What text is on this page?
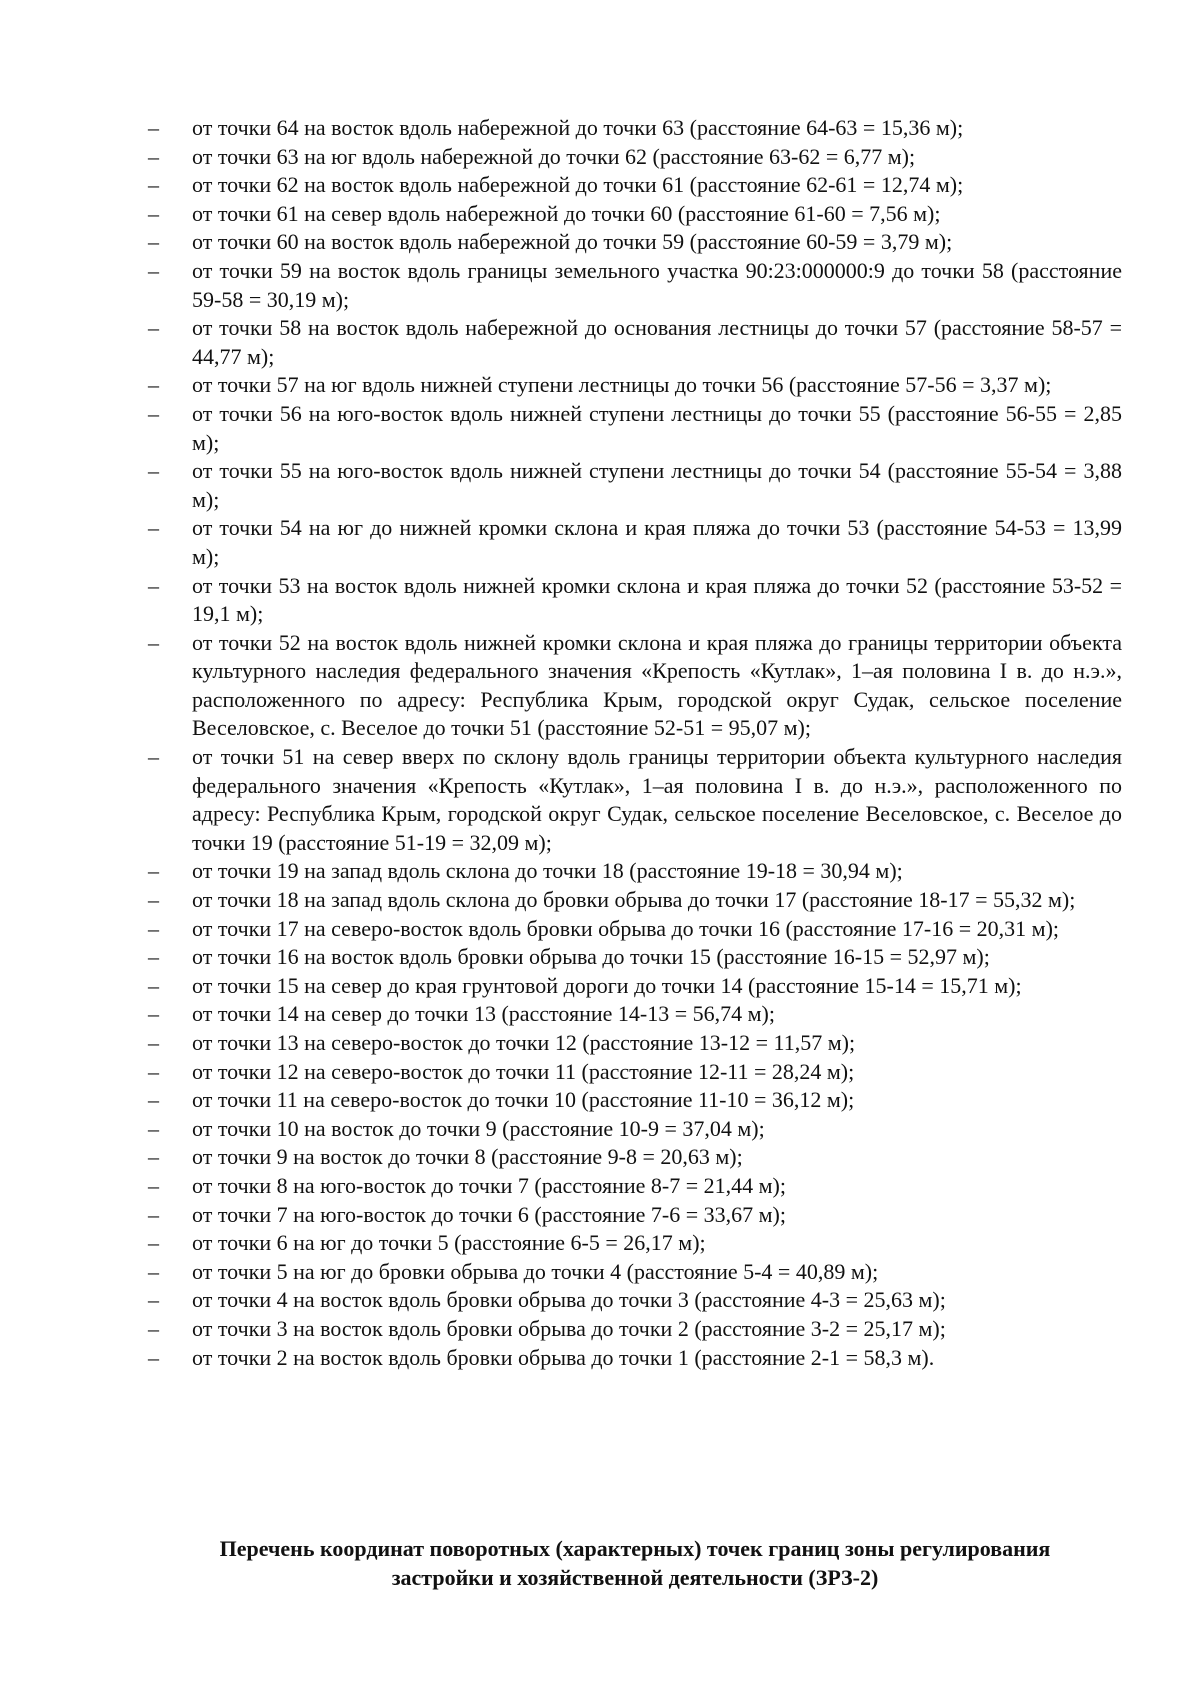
–	от точки 64 на восток вдоль набережной до точки 63 (расстояние 64-63 = 15,36 м);
–	от точки 63 на юг вдоль набережной до точки 62 (расстояние 63-62 = 6,77 м);
–	от точки 62 на восток вдоль набережной до точки 61 (расстояние 62-61 = 12,74 м);
–	от точки 61 на север вдоль набережной до точки 60 (расстояние 61-60 = 7,56 м);
–	от точки 60 на восток вдоль набережной до точки 59 (расстояние 60-59 = 3,79 м);
–	от точки 59 на восток вдоль границы земельного участка 90:23:000000:9 до точки 58 (расстояние 59-58 = 30,19 м);
–	от точки 58 на восток вдоль набережной до основания лестницы до точки 57 (расстояние 58-57 = 44,77 м);
–	от точки 57 на юг вдоль нижней ступени лестницы до точки 56 (расстояние 57-56 = 3,37 м);
–	от точки 56 на юго-восток вдоль нижней ступени лестницы до точки 55 (расстояние 56-55 = 2,85 м);
–	от точки 55 на юго-восток вдоль нижней ступени лестницы до точки 54 (расстояние 55-54 = 3,88 м);
–	от точки 54 на юг до нижней кромки склона и края пляжа до точки 53 (расстояние 54-53 = 13,99 м);
–	от точки 53 на восток вдоль нижней кромки склона и края пляжа до точки 52 (расстояние 53-52 = 19,1 м);
–	от точки 52 на восток вдоль нижней кромки склона и края пляжа до границы территории объекта культурного наследия федерального значения «Крепость «Кутлак», 1–ая половина I в. до н.э.», расположенного по адресу: Республика Крым, городской округ Судак, сельское поселение Веселовское, с. Веселое до точки 51 (расстояние 52-51 = 95,07 м);
–	от точки 51 на север вверх по склону вдоль границы территории объекта культурного наследия федерального значения «Крепость «Кутлак», 1–ая половина I в. до н.э.», расположенного по адресу: Республика Крым, городской округ Судак, сельское поселение Веселовское, с. Веселое до точки 19 (расстояние 51-19 = 32,09 м);
–	от точки 19 на запад вдоль склона до точки 18 (расстояние 19-18 = 30,94 м);
–	от точки 18 на запад вдоль склона до бровки обрыва до точки 17 (расстояние 18-17 = 55,32 м);
–	от точки 17 на северо-восток вдоль бровки обрыва до точки 16 (расстояние 17-16 = 20,31 м);
–	от точки 16 на восток вдоль бровки обрыва до точки 15 (расстояние 16-15 = 52,97 м);
–	от точки 15 на север до края грунтовой дороги до точки 14 (расстояние 15-14 = 15,71 м);
–	от точки 14 на север до точки 13 (расстояние 14-13 = 56,74 м);
–	от точки 13 на северо-восток до точки 12 (расстояние 13-12 = 11,57 м);
–	от точки 12 на северо-восток до точки 11 (расстояние 12-11 = 28,24 м);
–	от точки 11 на северо-восток до точки 10 (расстояние 11-10 = 36,12 м);
–	от точки 10 на восток до точки 9 (расстояние 10-9 = 37,04 м);
–	от точки 9 на восток до точки 8 (расстояние 9-8 = 20,63 м);
–	от точки 8 на юго-восток до точки 7 (расстояние 8-7 = 21,44 м);
–	от точки 7 на юго-восток до точки 6 (расстояние 7-6 = 33,67 м);
–	от точки 6 на юг до точки 5 (расстояние 6-5 = 26,17 м);
–	от точки 5 на юг до бровки обрыва до точки 4 (расстояние 5-4 = 40,89 м);
–	от точки 4 на восток вдоль бровки обрыва до точки 3 (расстояние 4-3 = 25,63 м);
–	от точки 3 на восток вдоль бровки обрыва до точки 2 (расстояние 3-2 = 25,17 м);
–	от точки 2 на восток вдоль бровки обрыва до точки 1 (расстояние 2-1 = 58,3 м).
Перечень координат поворотных (характерных) точек границ зоны регулирования
застройки и хозяйственной деятельности (ЗРЗ-2)
